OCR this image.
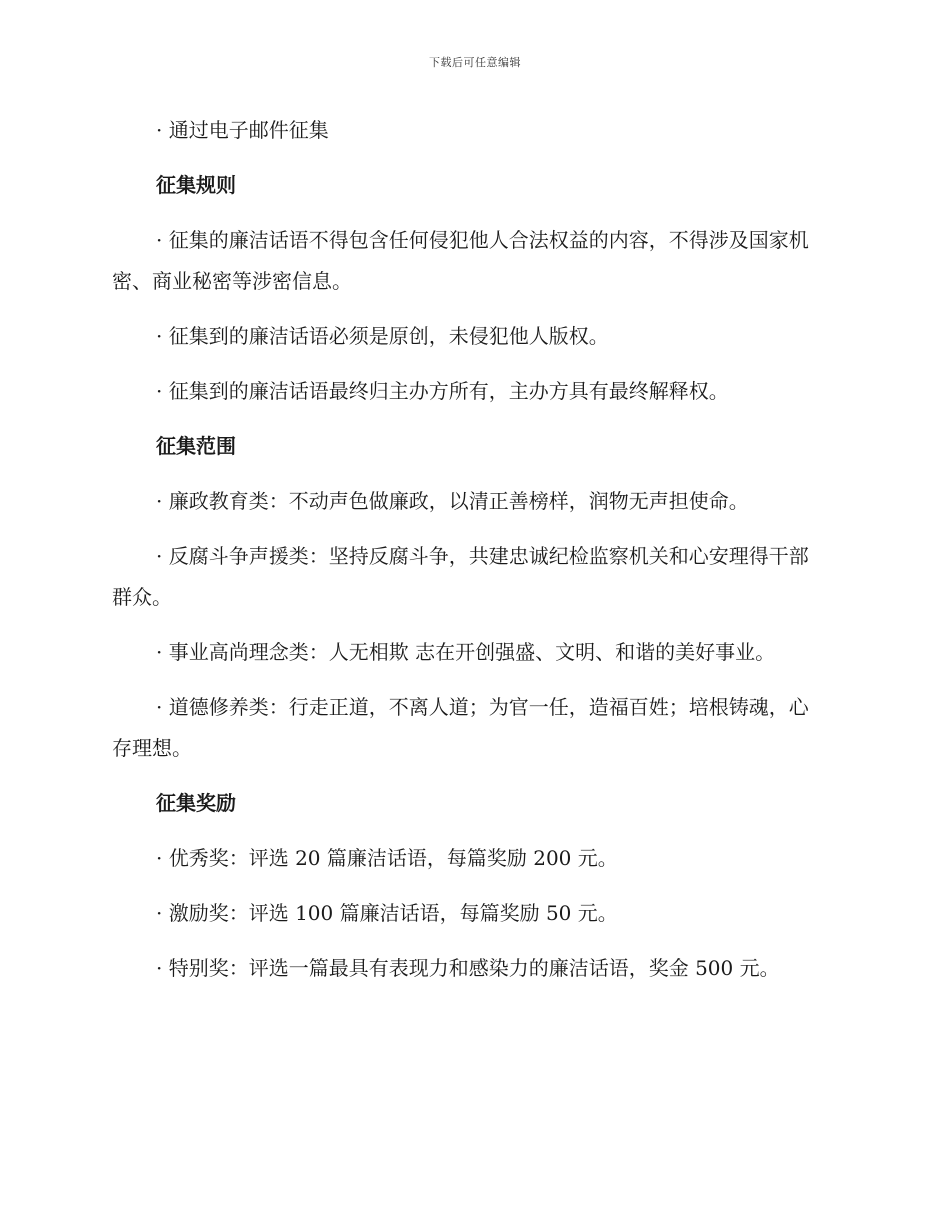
下载后可任意编辑

· 通过电子邮件征集

征集规则

· 征集的廉洁话语不得包含任何侵犯他人合法权益的内容，不得涉及国家机密、商业秘密等涉密信息。

· 征集到的廉洁话语必须是原创，未侵犯他人版权。

· 征集到的廉洁话语最终归主办方所有，主办方具有最终解释权。

征集范围

· 廉政教育类：不动声色做廉政，以清正善榜样，润物无声担使命。

· 反腐斗争声援类：坚持反腐斗争，共建忠诚纪检监察机关和心安理得干部群众。

· 事业高尚理念类：人无相欺 志在开创强盛、文明、和谐的美好事业。

· 道德修养类：行走正道，不离人道；为官一任，造福百姓；培根铸魂，心存理想。

征集奖励

· 优秀奖：评选 20 篇廉洁话语，每篇奖励 200 元。

· 激励奖：评选 100 篇廉洁话语，每篇奖励 50 元。

· 特别奖：评选一篇最具有表现力和感染力的廉洁话语，奖金 500 元。
